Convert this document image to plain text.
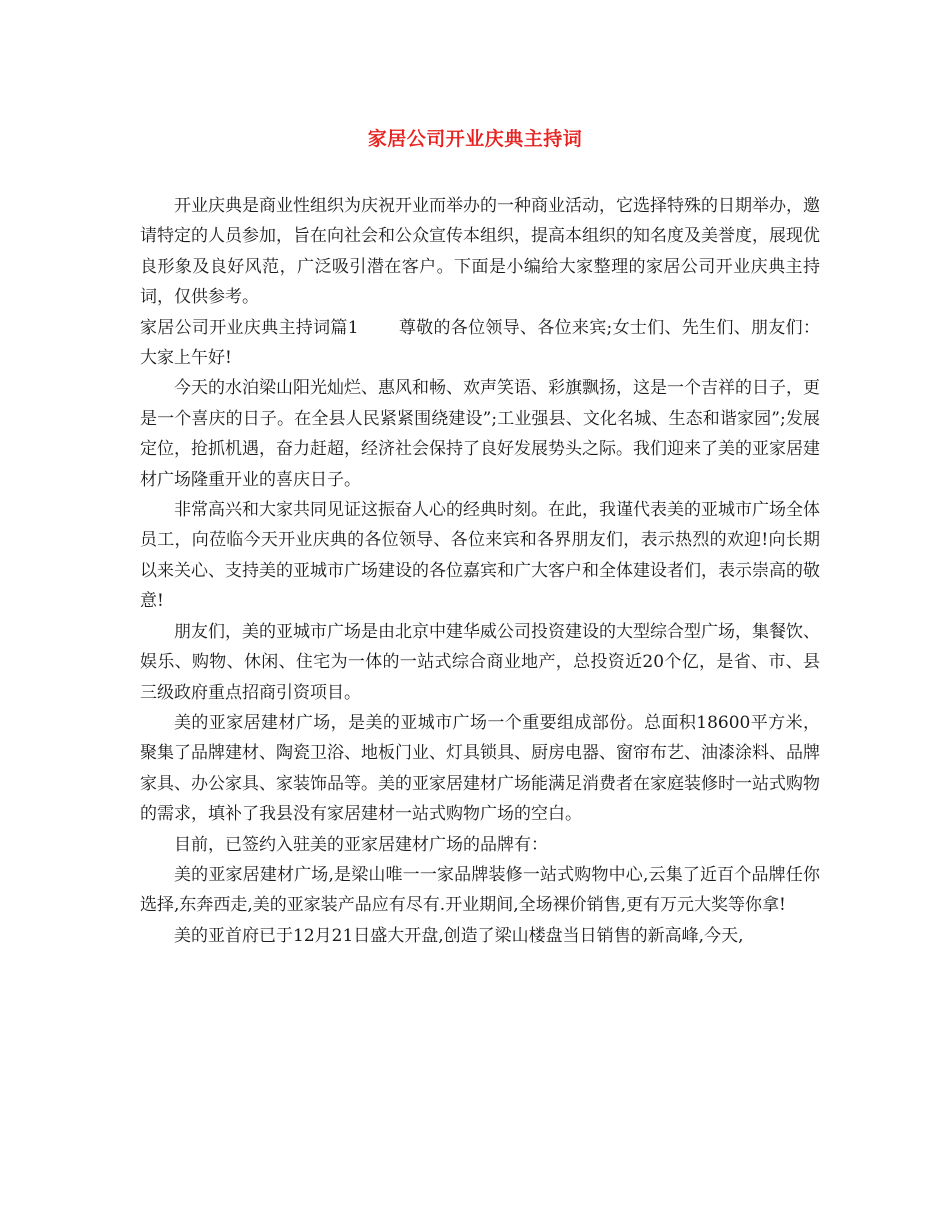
家居公司开业庆典主持词

开业庆典是商业性组织为庆祝开业而举办的一种商业活动，它选择特殊的日期举办，邀请特定的人员参加，旨在向社会和公众宣传本组织，提高本组织的知名度及美誉度，展现优良形象及良好风范，广泛吸引潜在客户。下面是小编给大家整理的家居公司开业庆典主持词，仅供参考。

家居公司开业庆典主持词篇1 尊敬的各位领导、各位来宾;女士们、先生们、朋友们： 大家上午好!

今天的水泊梁山阳光灿烂、惠风和畅、欢声笑语、彩旗飘扬，这是一个吉祥的日子，更是一个喜庆的日子。在全县人民紧紧围绕建设”;工业强县、文化名城、生态和谐家园”;发展定位，抢抓机遇，奋力赶超，经济社会保持了良好发展势头之际。我们迎来了美的亚家居建材广场隆重开业的喜庆日子。

非常高兴和大家共同见证这振奋人心的经典时刻。在此，我谨代表美的亚城市广场全体员工，向莅临今天开业庆典的各位领导、各位来宾和各界朋友们，表示热烈的欢迎!向长期以来关心、支持美的亚城市广场建设的各位嘉宾和广大客户和全体建设者们，表示崇高的敬意!

朋友们，美的亚城市广场是由北京中建华威公司投资建设的大型综合型广场，集餐饮、娱乐、购物、休闲、住宅为一体的一站式综合商业地产，总投资近20个亿，是省、市、县三级政府重点招商引资项目。

美的亚家居建材广场，是美的亚城市广场一个重要组成部份。总面积18600平方米，聚集了品牌建材、陶瓷卫浴、地板门业、灯具锁具、厨房电器、窗帘布艺、油漆涂料、品牌家具、办公家具、家装饰品等。美的亚家居建材广场能满足消费者在家庭装修时一站式购物的需求，填补了我县没有家居建材一站式购物广场的空白。

目前，已签约入驻美的亚家居建材广场的品牌有：

美的亚家居建材广场,是梁山唯一一家品牌装修一站式购物中心,云集了近百个品牌任你选择,东奔西走,美的亚家装产品应有尽有.开业期间,全场裸价销售,更有万元大奖等你拿!

美的亚首府已于12月21日盛大开盘,创造了梁山楼盘当日销售的新高峰,今天,
